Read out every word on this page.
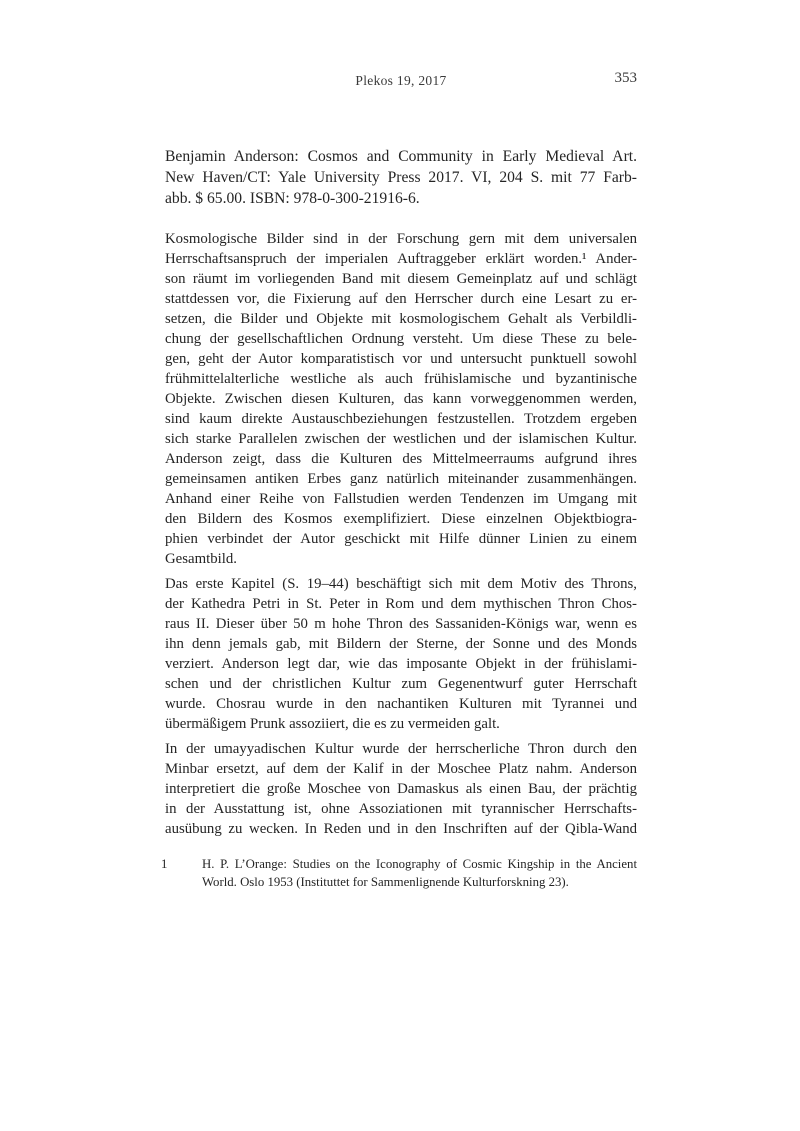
Plekos 19, 2017	353
Benjamin Anderson: Cosmos and Community in Early Medieval Art.
New Haven/CT: Yale University Press 2017. VI, 204 S. mit 77 Farb-
abb. $ 65.00. ISBN: 978-0-300-21916-6.
Kosmologische Bilder sind in der Forschung gern mit dem universalen
Herrschaftsanspruch der imperialen Auftraggeber erklärt worden.¹ Ander-
son räumt im vorliegenden Band mit diesem Gemeinplatz auf und schlägt
stattdessen vor, die Fixierung auf den Herrscher durch eine Lesart zu er-
setzen, die Bilder und Objekte mit kosmologischem Gehalt als Verbildli-
chung der gesellschaftlichen Ordnung versteht. Um diese These zu bele-
gen, geht der Autor komparatistisch vor und untersucht punktuell sowohl
frühmittelalterliche westliche als auch frühislamische und byzantinische
Objekte. Zwischen diesen Kulturen, das kann vorweggenommen werden,
sind kaum direkte Austauschbeziehungen festzustellen. Trotzdem ergeben
sich starke Parallelen zwischen der westlichen und der islamischen Kultur.
Anderson zeigt, dass die Kulturen des Mittelmeerraums aufgrund ihres
gemeinsamen antiken Erbes ganz natürlich miteinander zusammenhängen.
Anhand einer Reihe von Fallstudien werden Tendenzen im Umgang mit
den Bildern des Kosmos exemplifiziert. Diese einzelnen Objektbiogra-
phien verbindet der Autor geschickt mit Hilfe dünner Linien zu einem
Gesamtbild.
Das erste Kapitel (S. 19–44) beschäftigt sich mit dem Motiv des Throns,
der Kathedra Petri in St. Peter in Rom und dem mythischen Thron Chos-
raus II. Dieser über 50 m hohe Thron des Sassaniden-Königs war, wenn es
ihn denn jemals gab, mit Bildern der Sterne, der Sonne und des Monds
verziert. Anderson legt dar, wie das imposante Objekt in der frühislami-
schen und der christlichen Kultur zum Gegenentwurf guter Herrschaft
wurde. Chosrau wurde in den nachantiken Kulturen mit Tyrannei und
übermäßigem Prunk assoziiert, die es zu vermeiden galt.
In der umayyadischen Kultur wurde der herrscherliche Thron durch den
Minbar ersetzt, auf dem der Kalif in der Moschee Platz nahm. Anderson
interpretiert die große Moschee von Damaskus als einen Bau, der prächtig
in der Ausstattung ist, ohne Assoziationen mit tyrannischer Herrschafts-
ausübung zu wecken. In Reden und in den Inschriften auf der Qibla-Wand
1	H. P. L’Orange: Studies on the Iconography of Cosmic Kingship in the Ancient
World. Oslo 1953 (Instituttet for Sammenlignende Kulturforskning 23).
